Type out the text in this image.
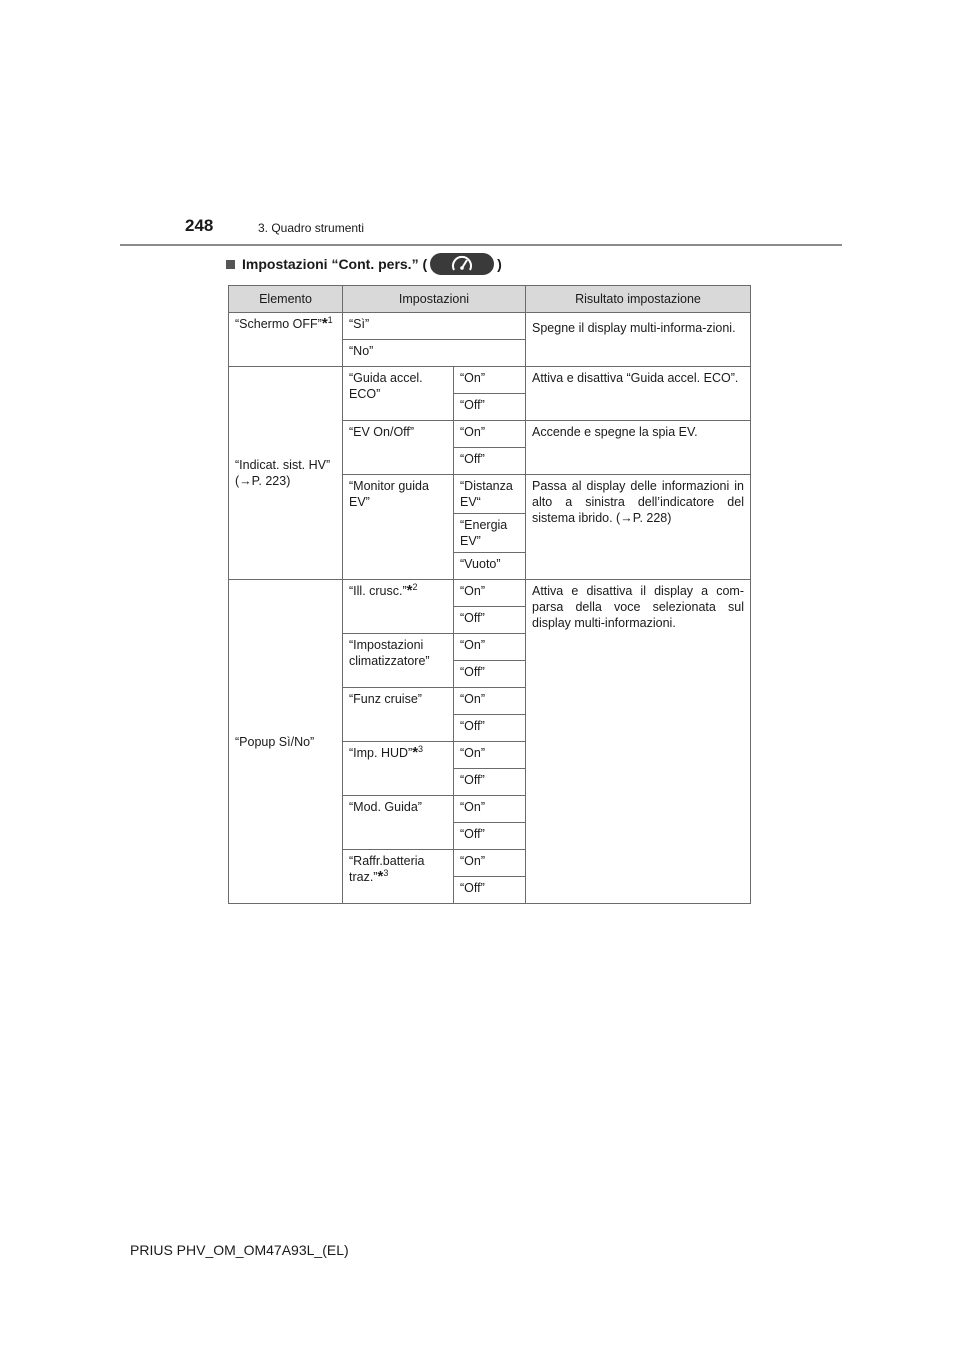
248	3. Quadro strumenti
Impostazioni “Cont. pers.” (	)
Elemento	Impostazioni		Risultato impostazione
“Schermo OFF”*$^1$	“Sì”		Spegne il display multi-informa-zioni.
	“No”		
“Indicat. sist. HV” (→P. 223)	“Guida accel. ECO”	“On”	Attiva e disattiva “Guida accel. ECO”.
		“Off”	
	“EV On/Off”	“On”	Accende e spegne la spia EV.
		“Off”	
	“Monitor guida EV”	“Distanza EV“	Passa al display delle informazioni in alto a sinistra dell’indicatore del sistema ibrido. (→P. 228)
		“Energia EV”	
		“Vuoto”	
“Popup Sì/No”	“Ill. crusc.”*$^2$	“On”	Attiva e disattiva il display a com-parsa della voce selezionata sul display multi-informazioni.
		“Off”	
	“Impostazioni climatizzatore”	“On”	
		“Off”	
	“Funz cruise”	“On”	
		“Off”	
	“Imp. HUD”*$^3$	“On”	
		“Off”	
	“Mod. Guida”	“On”	
		“Off”	
	“Raffr.batteria traz.”*$^3$	“On”	
		“Off”	
PRIUS PHV_OM_OM47A93L_(EL)
